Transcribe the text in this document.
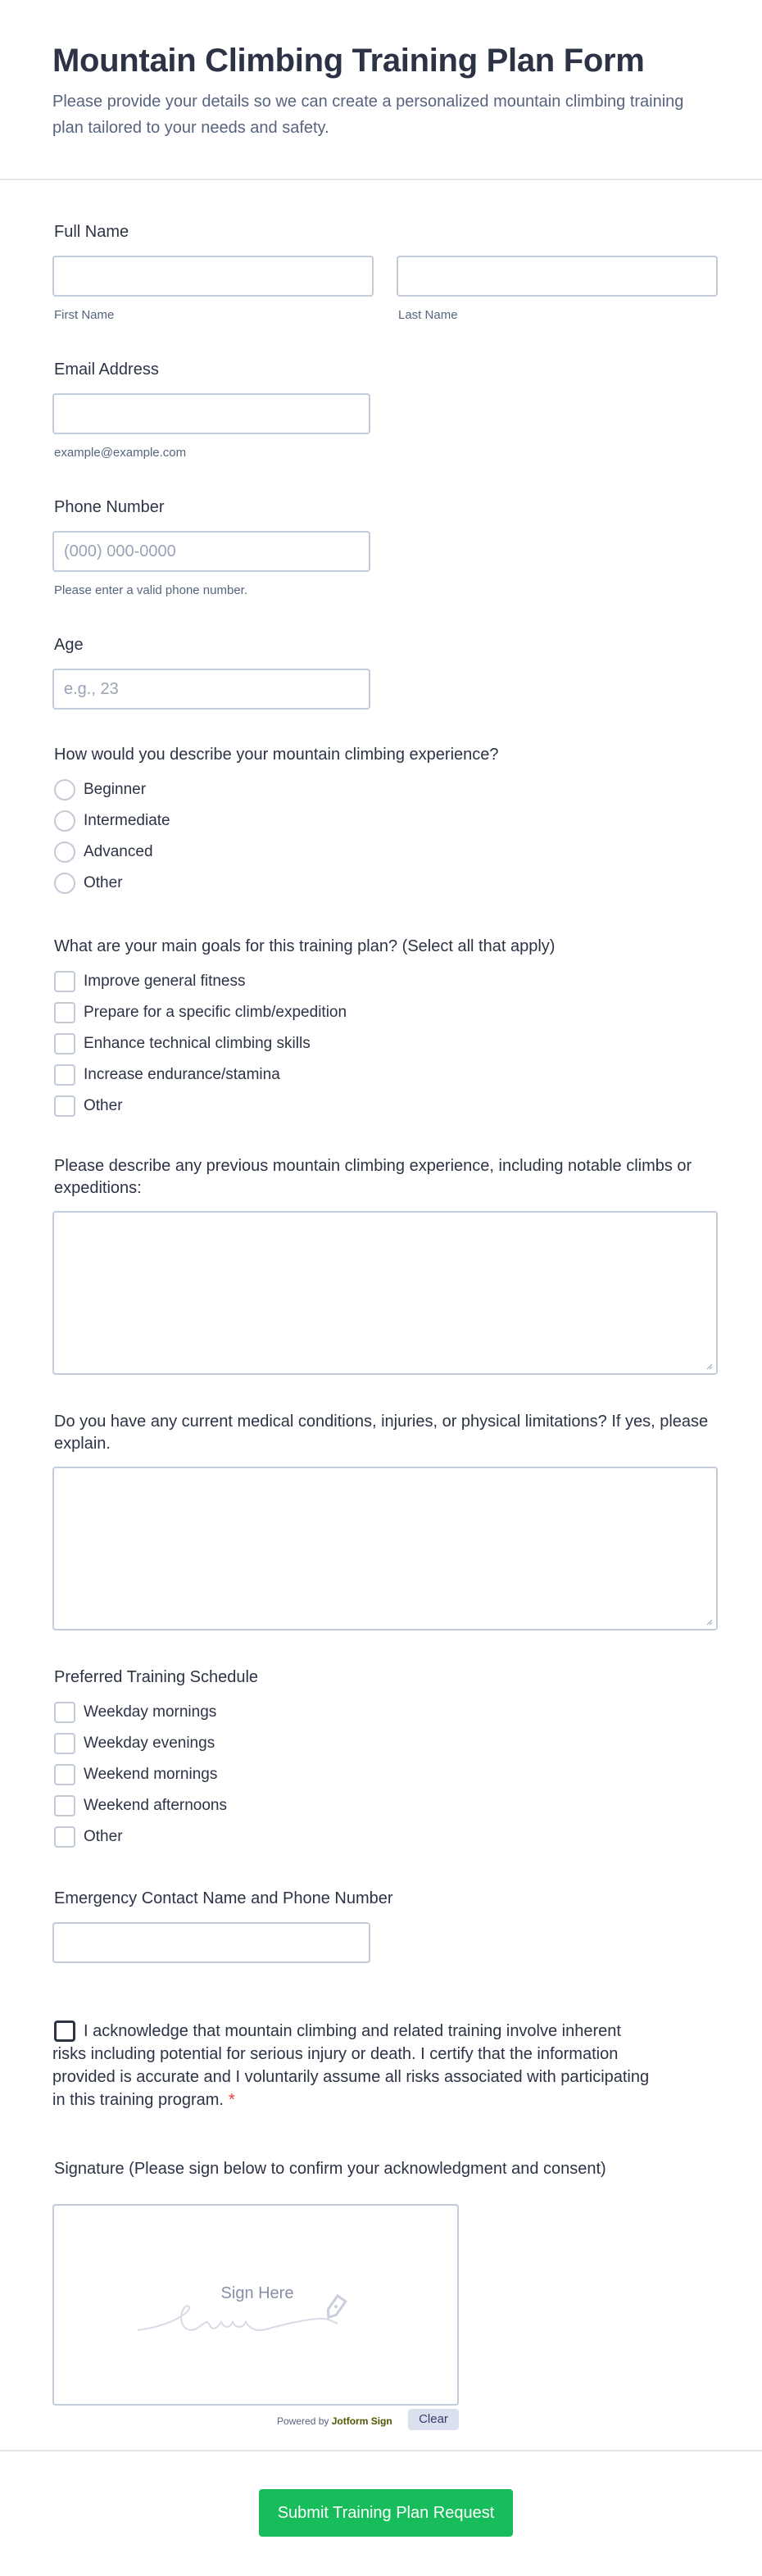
Mountain Climbing Training Plan Form
Please provide your details so we can create a personalized mountain climbing training plan tailored to your needs and safety.
Full Name
First Name	Last Name
Email Address
example@example.com
Phone Number
(000) 000-0000
Please enter a valid phone number.
Age
e.g., 23
How would you describe your mountain climbing experience?
Beginner
Intermediate
Advanced
Other
What are your main goals for this training plan? (Select all that apply)
Improve general fitness
Prepare for a specific climb/expedition
Enhance technical climbing skills
Increase endurance/stamina
Other
Please describe any previous mountain climbing experience, including notable climbs or expeditions:
Do you have any current medical conditions, injuries, or physical limitations? If yes, please explain.
Preferred Training Schedule
Weekday mornings
Weekday evenings
Weekend mornings
Weekend afternoons
Other
Emergency Contact Name and Phone Number
I acknowledge that mountain climbing and related training involve inherent risks including potential for serious injury or death. I certify that the information provided is accurate and I voluntarily assume all risks associated with participating in this training program. *
Signature (Please sign below to confirm your acknowledgment and consent)
Sign Here
Powered by Jotform Sign	Clear
Submit Training Plan Request
